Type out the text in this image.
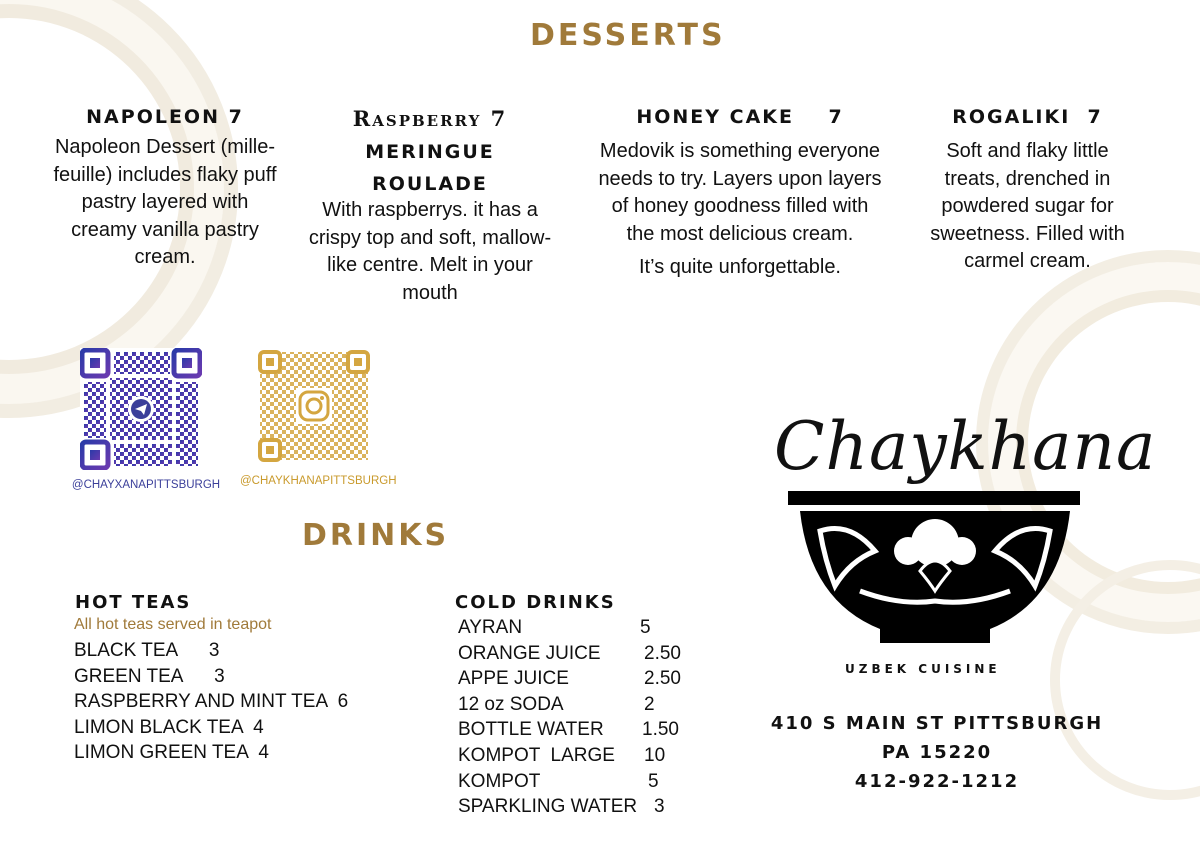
DESSERTS
NAPOLEON 7
Napoleon Dessert (mille-feuille) includes flaky puff pastry layered with creamy vanilla pastry cream.
Raspberry 7
MERINGUE
ROULADE
With raspberrys. it has a crispy top and soft, mallow-like centre. Melt in your mouth
HONEY CAKE    7
Medovik is something everyone needs to try. Layers upon layers of honey goodness filled with the most delicious cream.
It’s quite unforgettable.
ROGALIKI  7
Soft and flaky little treats, drenched in powdered sugar for sweetness. Filled with carmel cream.
@CHAYXANAPITTSBURGH	@CHAYKHANAPITTSBURGH
DRINKS
HOT TEAS
All hot teas served in teapot
BLACK TEA      3
GREEN TEA      3
RASPBERRY AND MINT TEA  6
LIMON BLACK TEA  4
LIMON GREEN TEA  4
COLD DRINKS
AYRAN	5
ORANGE JUICE 2.50
APPE JUICE	2.50
12 oz SODA	2
BOTTLE WATER 1.50
KOMPOT  LARGE 10
KOMPOT	5
SPARKLING WATER 3
Chaykhana
UZBEK CUISINE
410 S MAIN ST PITTSBURGH
PA 15220
412-922-1212
